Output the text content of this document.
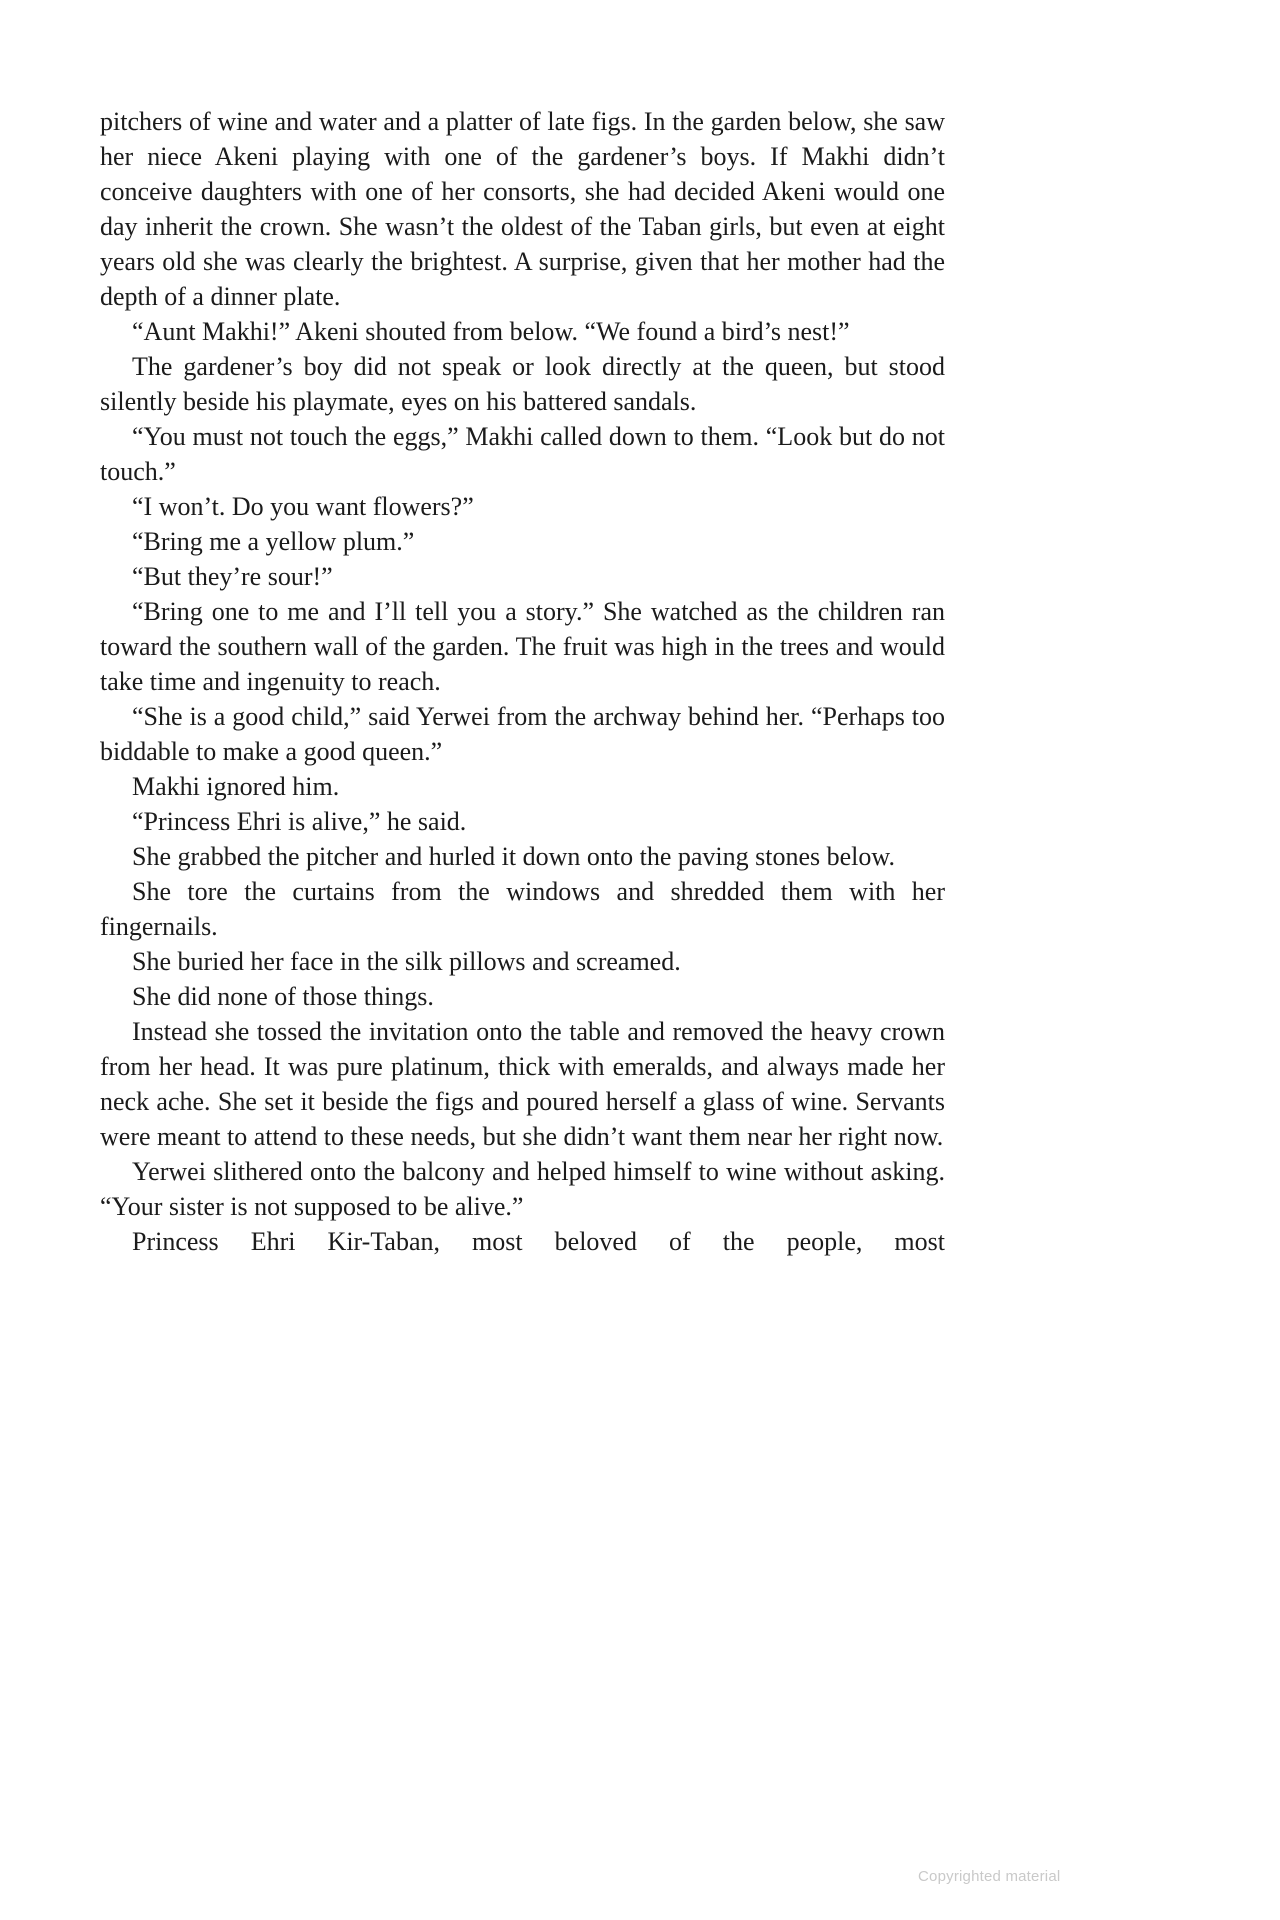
pitchers of wine and water and a platter of late figs. In the garden below, she saw her niece Akeni playing with one of the gardener’s boys. If Makhi didn’t conceive daughters with one of her consorts, she had decided Akeni would one day inherit the crown. She wasn’t the oldest of the Taban girls, but even at eight years old she was clearly the brightest. A surprise, given that her mother had the depth of a dinner plate.

“Aunt Makhi!” Akeni shouted from below. “We found a bird’s nest!”

The gardener’s boy did not speak or look directly at the queen, but stood silently beside his playmate, eyes on his battered sandals.

“You must not touch the eggs,” Makhi called down to them. “Look but do not touch.”

“I won’t. Do you want flowers?”

“Bring me a yellow plum.”

“But they’re sour!”

“Bring one to me and I’ll tell you a story.” She watched as the children ran toward the southern wall of the garden. The fruit was high in the trees and would take time and ingenuity to reach.

“She is a good child,” said Yerwei from the archway behind her. “Perhaps too biddable to make a good queen.”

Makhi ignored him.

“Princess Ehri is alive,” he said.

She grabbed the pitcher and hurled it down onto the paving stones below.

She tore the curtains from the windows and shredded them with her fingernails.

She buried her face in the silk pillows and screamed.

She did none of those things.

Instead she tossed the invitation onto the table and removed the heavy crown from her head. It was pure platinum, thick with emeralds, and always made her neck ache. She set it beside the figs and poured herself a glass of wine. Servants were meant to attend to these needs, but she didn’t want them near her right now.

Yerwei slithered onto the balcony and helped himself to wine without asking. “Your sister is not supposed to be alive.”

Princess Ehri Kir-Taban, most beloved of the people, most

Copyrighted material
